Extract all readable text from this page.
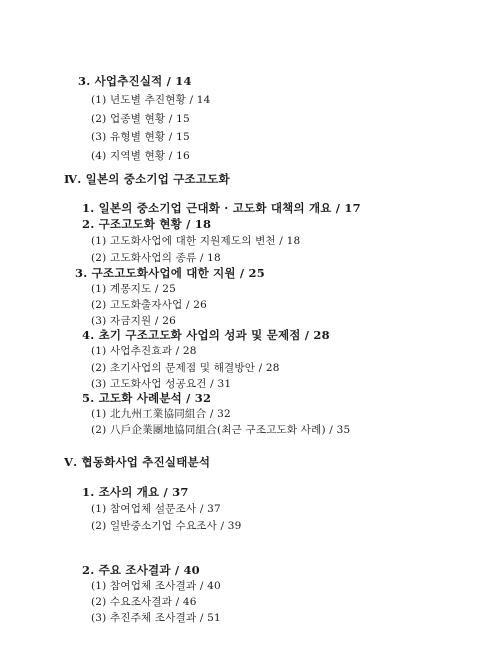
3. 사업추진실적 / 14
(1) 년도별 추진현황 / 14
(2) 업종별 현황 / 15
(3) 유형별 현황 / 15
(4) 지역별 현황 / 16
Ⅳ. 일본의 중소기업 구조고도화
1. 일본의 중소기업 근대화 · 고도화 대책의 개요 / 17
2. 구조고도화 현황 / 18
(1) 고도화사업에 대한 지원제도의 변천 / 18
(2) 고도화사업의 종류 / 18
3. 구조고도화사업에 대한 지원 / 25
(1) 계몽지도 / 25
(2) 고도화출자사업 / 26
(3) 자금지원 / 26
4. 초기 구조고도화 사업의 성과 및 문제점 / 28
(1) 사업추진효과 / 28
(2) 초기사업의 문제점 및 해결방안 / 28
(3) 고도화사업 성공요건 / 31
5. 고도화 사례분석 / 32
(1) 北九州工業協同組合 / 32
(2) 八戶企業團地協同組合(최근 구조고도화 사례) / 35
Ⅴ. 협동화사업 추진실태분석
1. 조사의 개요 / 37
(1) 참여업체 설문조사 / 37
(2) 일반중소기업 수요조사 / 39
2. 주요 조사결과 / 40
(1) 참여업체 조사결과 / 40
(2) 수요조사결과 / 46
(3) 추진주체 조사결과 / 51
